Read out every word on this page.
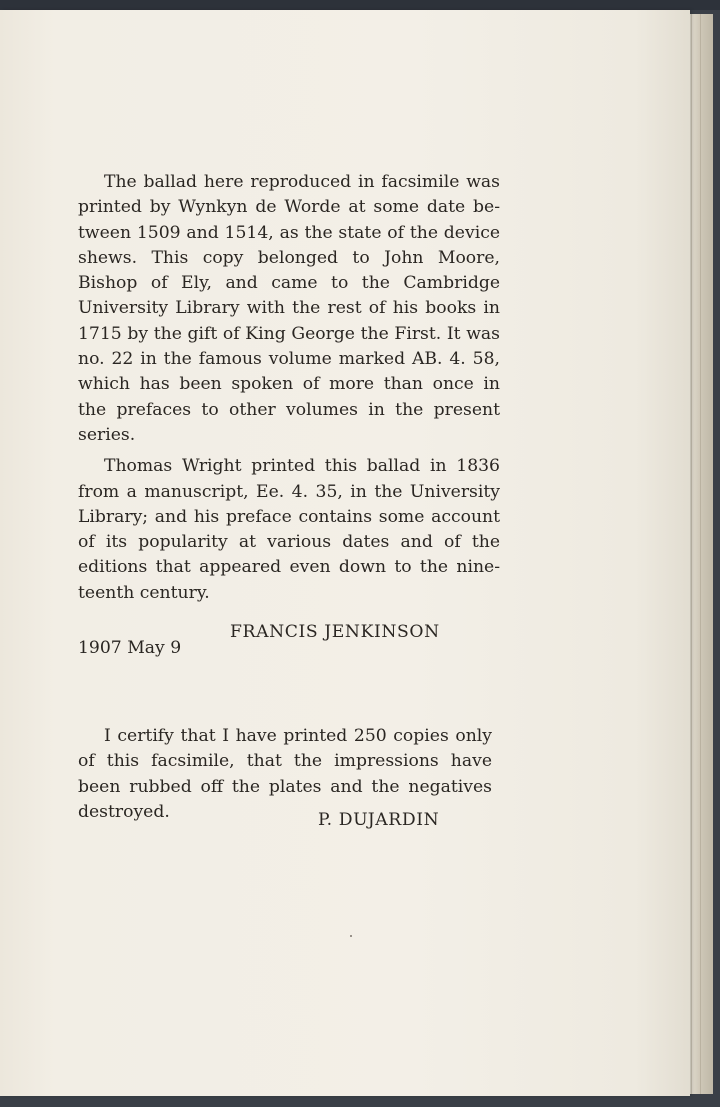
The ballad here reproduced in facsimile was printed by Wynkyn de Worde at some date between 1509 and 1514, as the state of the device shews. This copy belonged to John Moore, Bishop of Ely, and came to the Cambridge University Library with the rest of his books in 1715 by the gift of King George the First. It was no. 22 in the famous volume marked AB. 4. 58, which has been spoken of more than once in the prefaces to other volumes in the present series.

Thomas Wright printed this ballad in 1836 from a manuscript, Ee. 4. 35, in the University Library; and his preface contains some account of its popularity at various dates and of the editions that appeared even down to the nineteenth century.

FRANCIS JENKINSON
1907 May 9

I certify that I have printed 250 copies only of this facsimile, that the impressions have been rubbed off the plates and the negatives destroyed.	P. DUJARDIN
